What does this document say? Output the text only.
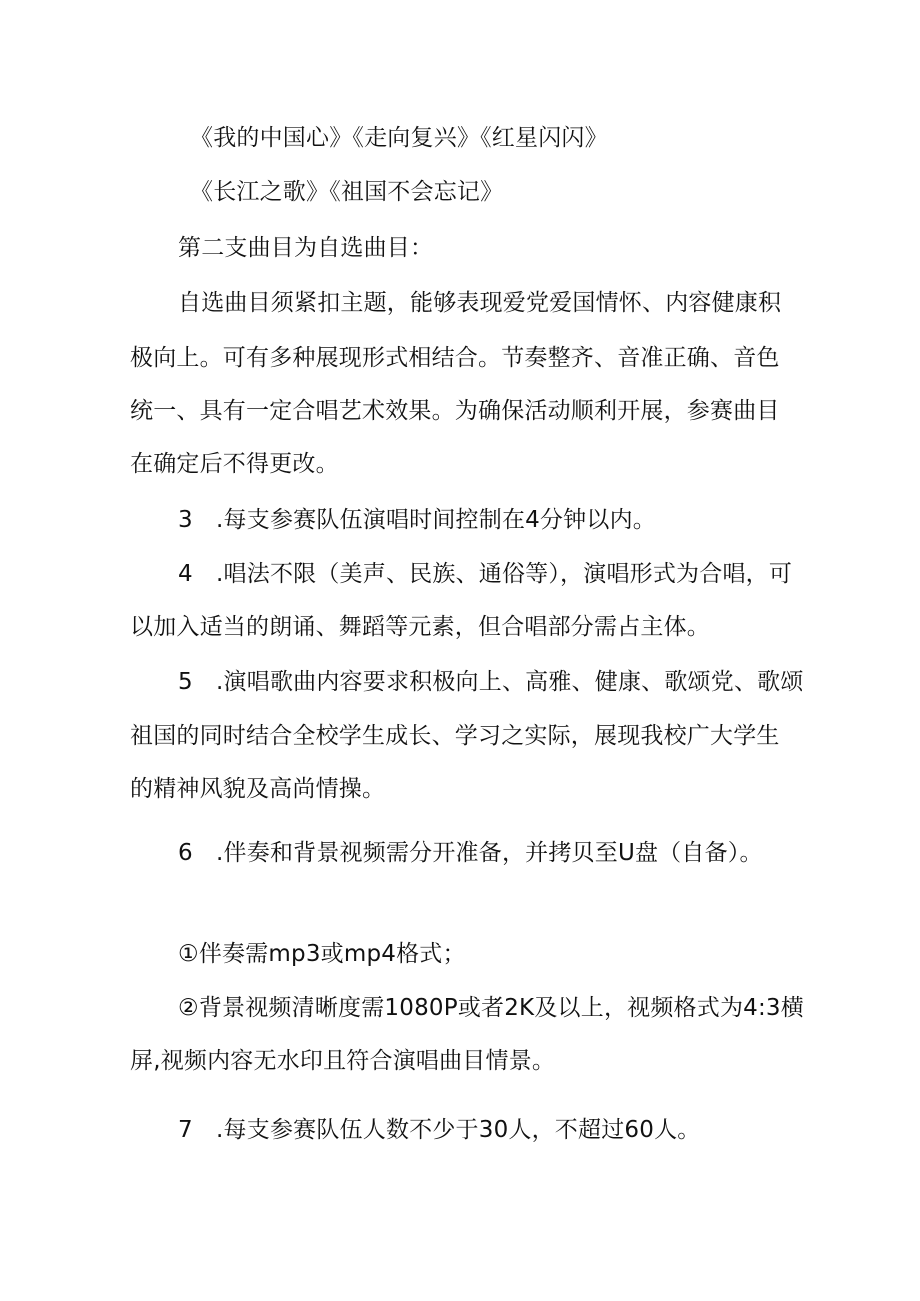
《我的中国心》《走向复兴》《红星闪闪》
《长江之歌》《祖国不会忘记》
第二支曲目为自选曲目：
自选曲目须紧扣主题，能够表现爱党爱国情怀、内容健康积
极向上。可有多种展现形式相结合。节奏整齐、音准正确、音色
统一、具有一定合唱艺术效果。为确保活动顺利开展，参赛曲目
在确定后不得更改。
3　.每支参赛队伍演唱时间控制在4分钟以内。
4　.唱法不限（美声、民族、通俗等），演唱形式为合唱，可
以加入适当的朗诵、舞蹈等元素，但合唱部分需占主体。
5　.演唱歌曲内容要求积极向上、高雅、健康、歌颂党、歌颂
祖国的同时结合全校学生成长、学习之实际，展现我校广大学生
的精神风貌及高尚情操。
6　.伴奏和背景视频需分开准备，并拷贝至U盘（自备）。
①伴奏需mp3或mp4格式；
②背景视频清晰度需1080P或者2K及以上，视频格式为4:3横
屏,视频内容无水印且符合演唱曲目情景。
7　.每支参赛队伍人数不少于30人，不超过60人。
